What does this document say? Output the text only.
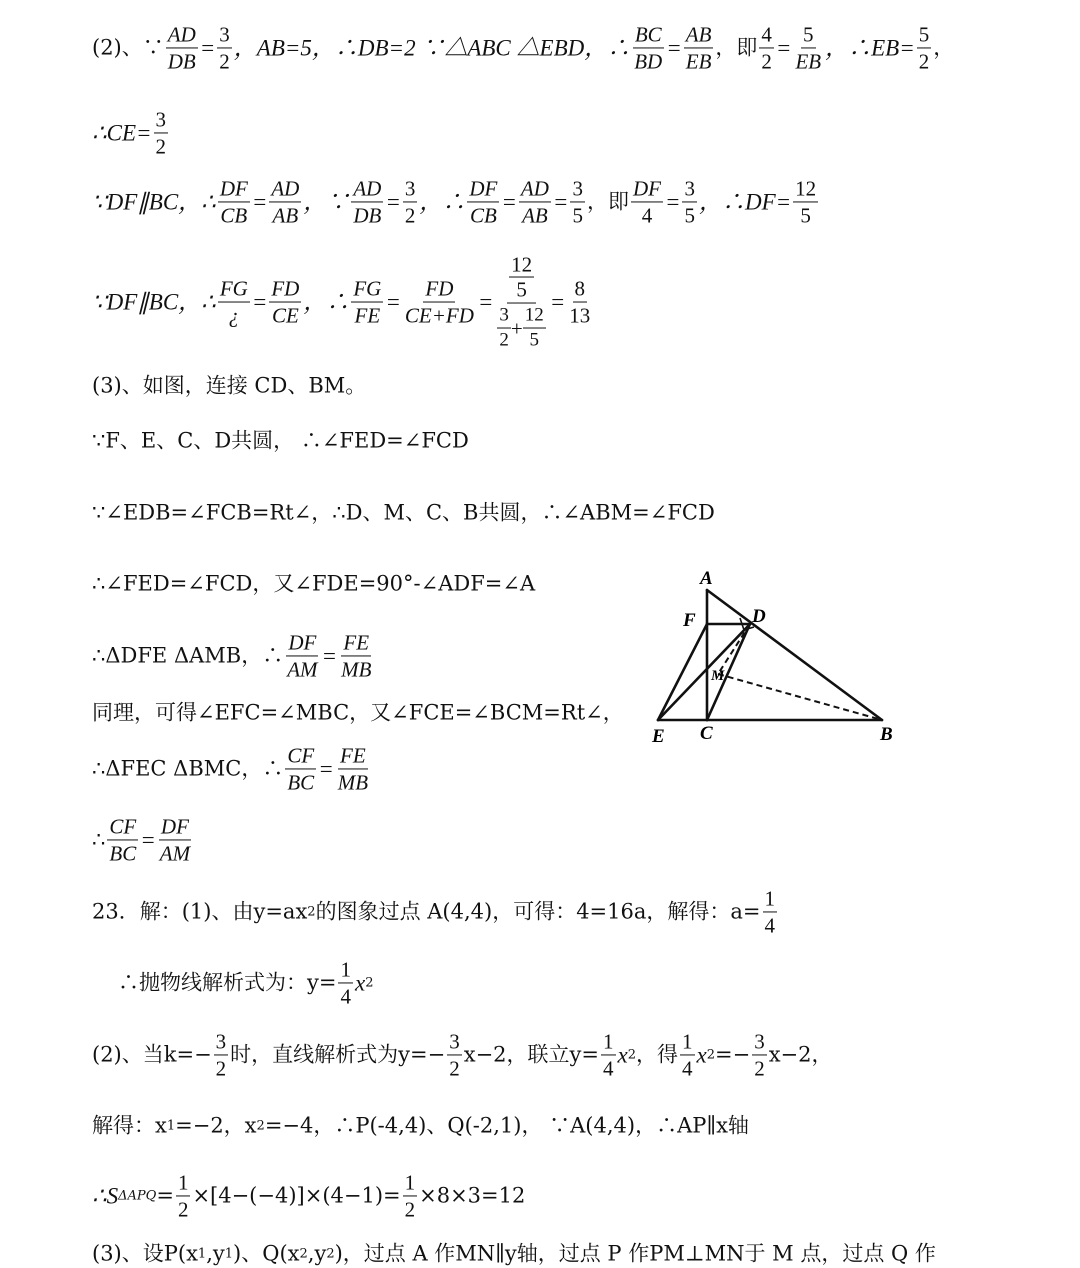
(2)、∵ $\frac{AD}{DB} = \frac{3}{2}$ ，AB=5，∴DB=2 ∵△ABC △EBD，∴ $\frac{BC}{BD} = \frac{AB}{EB}$ ，即 $\frac{4}{2} = \frac{5}{EB}$ ，∴EB= $\frac{5}{2}$ ，
∴CE= $\frac{3}{2}$
∵DF∥BC，∴ $\frac{DF}{CB} = \frac{AD}{AB}$ ，∵ $\frac{AD}{DB} = \frac{3}{2}$ ，∴ $\frac{DF}{CB} = \frac{AD}{AB} = \frac{3}{5}$ ，即 $\frac{DF}{4} = \frac{3}{5}$ ，∴DF= $\frac{12}{5}$
∵DF∥BC，∴ $\frac{FG}{¿} = \frac{FD}{CE}$ ，∴ $\frac{FG}{FE} = \frac{FD}{CE+FD} = 12$
5
$\frac{3}{2} + \frac{12}{5} = \frac{8}{13}$
(3)、如图，连接 CD、BM。
∵F、E、C、D共圆， ∴∠FED=∠FCD
∵∠EDB=∠FCB=Rt∠，∴D、M、C、B共圆，∴∠ABM=∠FCD
∴∠FED=∠FCD，又∠FDE=90°-∠ADF=∠A
∴ΔDFE ΔAMB，∴ $\frac{DF}{AM} = \frac{FE}{MB}$
同理，可得∠EFC=∠MBC，又∠FCE=∠BCM=Rt∠，
∴ΔFEC ΔBMC，∴ $\frac{CF}{BC} = \frac{FE}{MB}$
∴ $\frac{CF}{BC} = \frac{DF}{AM}$
23．解：(1)、由y=ax 2 的图象过点 A(4,4)，可得：4=16a，解得：$a= \frac{1}{4}$
∴抛物线解析式为：$y= \frac{1}{4}$ x 2
(2)、当$k=- \frac{3}{2}$ 时，直线解析式为$y=- \frac{3}{2} x-2$，联立$y= \frac{1}{4}$ x 2 ，得 $\frac{1}{4}$ x $2 =- \frac{3}{2} x-2$，
解得：x 1 =−2，x 2 =−4，∴P(-4,4)、Q(-2,1)， ∵A(4,4)，∴AP∥x轴
∴S $\Delta APQ = \frac{1}{2} \times[4-(-4)]\times(4-1)= \frac{1}{2} \times 8\times 3=12$
(3)、设P(x 1 ,y 1 )、Q(x 2 ,y 2 )，过点 A 作MN∥y轴，过点 P 作PM⊥MN于 M 点，过点 Q 作
A
F	D
M
E C	B
